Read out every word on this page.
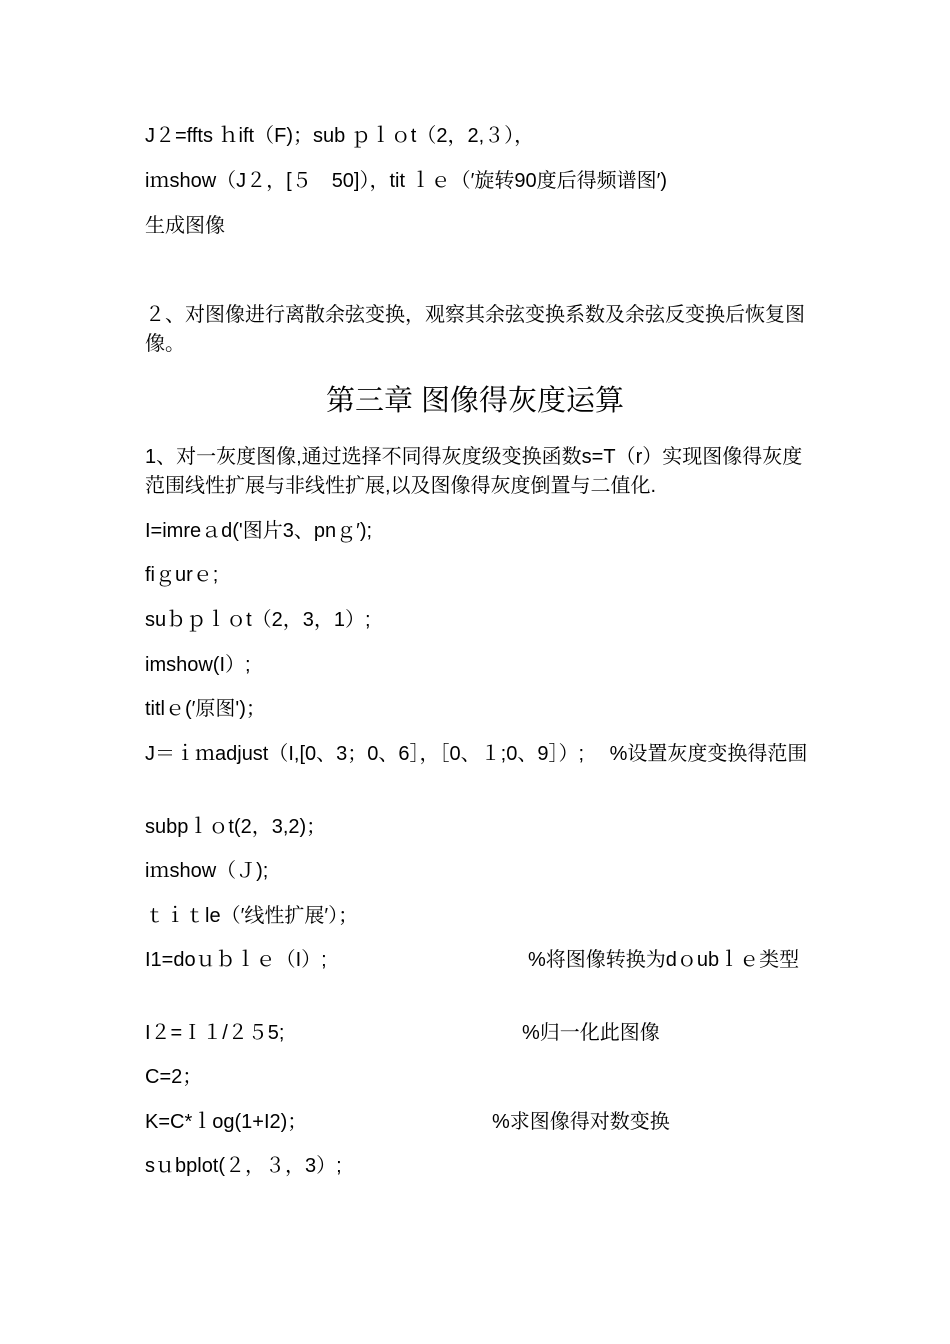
J２=ffts ｈift（F)；sub ｐｌｏt（2，2,３），

iｍshow（J２，[５　50]），tit ｌｅ（′旋转90度后得频谱图′)

生成图像

２、对图像进行离散余弦变换，观察其余弦变换系数及余弦反变换后恢复图像。

第三章 图像得灰度运算

1、对一灰度图像,通过选择不同得灰度级变换函数s=T（r）实现图像得灰度范围线性扩展与非线性扩展,以及图像得灰度倒置与二值化.

I=imreａd('图片3、pnｇ′);

fiｇurｅ;

suｂｐｌｏt（2，3，1）;

imshow(I）;

titlｅ(′原图')；

J＝ｉｍadjust（I,[0、3；0、6］，［0、１;0、9］）;　 %设置灰度变换得范围

subpｌｏt(2，3,2)；

iｍshow（Ｊ);

ｔｉｔle（′线性扩展′）；

I1=doｕｂｌｅ（I）;	%将图像转换为dｏubｌｅ类型
I２=Ｉ１/２５5;	%归一化此图像

C=2；

K=C*ｌog(1+I2)；	%求图像得对数变换

sｕbplot(２，３，3）;
